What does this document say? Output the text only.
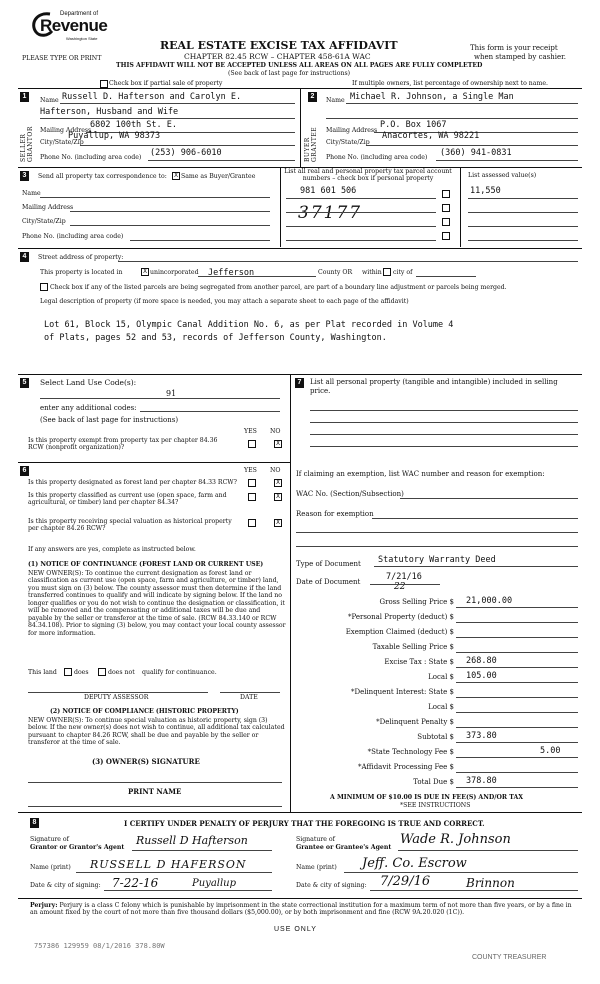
Department of
Revenue
Washington State
PLEASE TYPE OR PRINT
REAL ESTATE EXCISE TAX AFFIDAVIT
CHAPTER 82.45 RCW – CHAPTER 458-61A WAC
THIS AFFIDAVIT WILL NOT BE ACCEPTED UNLESS ALL AREAS ON ALL PAGES ARE FULLY COMPLETED
(See back of last page for instructions)
This form is your receipt
when stamped by cashier.
Check box if partial sale of property	If multiple owners, list percentage of ownership next to name.
1
SELLER GRANTOR
Name Russell D. Hafterson and Carolyn E.
Hafterson, Husband and Wife
Mailing Address
6802 100th St. E.
City/State/Zip
Puyallup, WA 98373
Phone No. (including area code) (253) 906-6010
2
BUYER GRANTEE
Name Michael R. Johnson, a Single Man
Mailing Address
P.O. Box 1067
City/State/Zip
Anacortes, WA 98221
Phone No. (including area code) (360) 941-0831
3	Send all property tax correspondence to:	X Same as Buyer/Grantee
Name
Mailing Address
City/State/Zip
Phone No. (including area code)
List all real and personal property tax parcel account numbers – check box if personal property	List assessed value(s)
981 601 506	11,550
37177
4	Street address of property:
This property is located in	X unincorporated Jefferson	County OR within city of
Check box if any of the listed parcels are being segregated from another parcel, are part of a boundary line adjustment or parcels being merged.
Legal description of property (if more space is needed, you may attach a separate sheet to each page of the affidavit)
Lot 61, Block 15, Olympic Canal Addition No. 6, as per Plat recorded in Volume 4
of Plats, pages 52 and 53, records of Jefferson County, Washington.
5	Select Land Use Code(s):
91
enter any additional codes:
(See back of last page for instructions)
YES NO
Is this property exempt from property tax per chapter 84.36 RCW (nonprofit organization)?
X
6	YES NO
Is this property designated as forest land per chapter 84.33 RCW?	X
Is this property classified as current use (open space, farm and agricultural, or timber) land per chapter 84.34?
X
Is this property receiving special valuation as historical property per chapter 84.26 RCW?
X
If any answers are yes, complete as instructed below.
(1) NOTICE OF CONTINUANCE (FOREST LAND OR CURRENT USE)
NEW OWNER(S): To continue the current designation as forest land or classification as current use (open space, farm and agriculture, or timber) land, you must sign on (3) below. The county assessor must then determine if the land transferred continues to qualify and will indicate by signing below. If the land no longer qualifies or you do not wish to continue the designation or classification, it will be removed and the compensating or additional taxes will be due and payable by the seller or transferor at the time of sale. (RCW 84.33.140 or RCW 84.34.108). Prior to signing (3) below, you may contact your local county assessor for more information.
This land	does	does not qualify for continuance.
DEPUTY ASSESSOR	DATE
(2) NOTICE OF COMPLIANCE (HISTORIC PROPERTY)
NEW OWNER(S): To continue special valuation as historic property, sign (3) below. If the new owner(s) does not wish to continue, all additional tax calculated pursuant to chapter 84.26 RCW, shall be due and payable by the seller or transferor at the time of sale.
(3) OWNER(S) SIGNATURE
PRINT NAME
7	List all personal property (tangible and intangible) included in selling price.
If claiming an exemption, list WAC number and reason for exemption:
WAC No. (Section/Subsection)
Reason for exemption
Type of Document Statutory Warranty Deed
Date of Document	7/21/16
22
Gross Selling Price $ 21,000.00
*Personal Property (deduct) $
Exemption Claimed (deduct) $
Taxable Selling Price $
Excise Tax : State $ 268.80
Local $ 105.00
*Delinquent Interest: State $
Local $
*Delinquent Penalty $
Subtotal $ 373.80
*State Technology Fee $	5.00
*Affidavit Processing Fee $
Total Due $ 378.80
A MINIMUM OF $10.00 IS DUE IN FEE(S) AND/OR TAX
*SEE INSTRUCTIONS
8	I CERTIFY UNDER PENALTY OF PERJURY THAT THE FOREGOING IS TRUE AND CORRECT.
Signature of
Grantor or Grantor's Agent
Russell D Hafterson
Name (print) RUSSELL D HAFERSON
Date & city of signing: 7-22-16	Puyallup
Signature of
Grantee or Grantee's Agent
Wade R. Johnson
Name (print) Jeff. Co. Escrow
Date & city of signing: 7/29/16	Brinnon
Perjury: Perjury is a class C felony which is punishable by imprisonment in the state correctional institution for a maximum term of not more than five years, or by a fine in an amount fixed by the court of not more than five thousand dollars ($5,000.00), or by both imprisonment and fine (RCW 9A.20.020 (1C)).
USE ONLY
757386 129959 08/1/2016 378.80W
COUNTY TREASURER
